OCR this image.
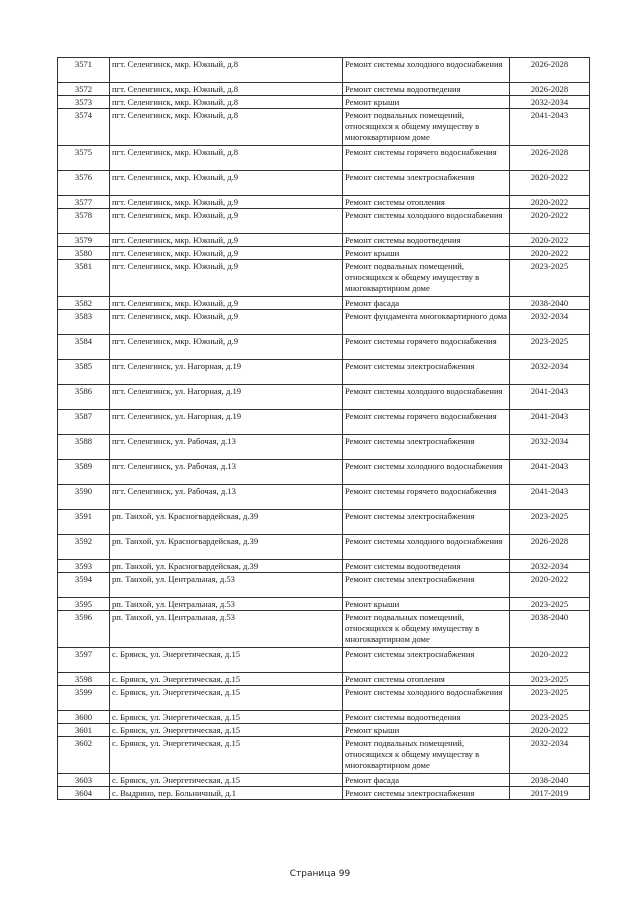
3571	пгт. Селенгинск, мкр. Южный, д.8	Ремонт системы холодного водоснабжения	2026-2028
3572	пгт. Селенгинск, мкр. Южный, д.8	Ремонт системы водоотведения	2026-2028
3573	пгт. Селенгинск, мкр. Южный, д.8	Ремонт крыши	2032-2034
3574	пгт. Селенгинск, мкр. Южный, д.8	Ремонт подвальных помещений, относящихся к общему имуществу в многоквартирном доме	2041-2043
3575	пгт. Селенгинск, мкр. Южный, д.8	Ремонт системы горячего водоснабжения	2026-2028
3576	пгт. Селенгинск, мкр. Южный, д.9	Ремонт системы электроснабжения	2020-2022
3577	пгт. Селенгинск, мкр. Южный, д.9	Ремонт системы отопления	2020-2022
3578	пгт. Селенгинск, мкр. Южный, д.9	Ремонт системы холодного водоснабжения	2020-2022
3579	пгт. Селенгинск, мкр. Южный, д.9	Ремонт системы водоотведения	2020-2022
3580	пгт. Селенгинск, мкр. Южный, д.9	Ремонт крыши	2020-2022
3581	пгт. Селенгинск, мкр. Южный, д.9	Ремонт подвальных помещений, относящихся к общему имуществу в многоквартирном доме	2023-2025
3582	пгт. Селенгинск, мкр. Южный, д.9	Ремонт фасада	2038-2040
3583	пгт. Селенгинск, мкр. Южный, д.9	Ремонт фундамента многоквартирного дома	2032-2034
3584	пгт. Селенгинск, мкр. Южный, д.9	Ремонт системы горячего водоснабжения	2023-2025
3585	пгт. Селенгинск, ул. Нагорная, д.19	Ремонт системы электроснабжения	2032-2034
3586	пгт. Селенгинск, ул. Нагорная, д.19	Ремонт системы холодного водоснабжения	2041-2043
3587	пгт. Селенгинск, ул. Нагорная, д.19	Ремонт системы горячего водоснабжения	2041-2043
3588	пгт. Селенгинск, ул. Рабочая, д.13	Ремонт системы электроснабжения	2032-2034
3589	пгт. Селенгинск, ул. Рабочая, д.13	Ремонт системы холодного водоснабжения	2041-2043
3590	пгт. Селенгинск, ул. Рабочая, д.13	Ремонт системы горячего водоснабжения	2041-2043
3591	рп. Танхой, ул. Красногвардейская, д.39	Ремонт системы электроснабжения	2023-2025
3592	рп. Танхой, ул. Красногвардейская, д.39	Ремонт системы холодного водоснабжения	2026-2028
3593	рп. Танхой, ул. Красногвардейская, д.39	Ремонт системы водоотведения	2032-2034
3594	рп. Танхой, ул. Центральная, д.53	Ремонт системы электроснабжения	2020-2022
3595	рп. Танхой, ул. Центральная, д.53	Ремонт крыши	2023-2025
3596	рп. Танхой, ул. Центральная, д.53	Ремонт подвальных помещений, относящихся к общему имуществу в многоквартирном доме	2038-2040
3597	с. Брянск, ул. Энергетическая, д.15	Ремонт системы электроснабжения	2020-2022
3598	с. Брянск, ул. Энергетическая, д.15	Ремонт системы отопления	2023-2025
3599	с. Брянск, ул. Энергетическая, д.15	Ремонт системы холодного водоснабжения	2023-2025
3600	с. Брянск, ул. Энергетическая, д.15	Ремонт системы водоотведения	2023-2025
3601	с. Брянск, ул. Энергетическая, д.15	Ремонт крыши	2020-2022
3602	с. Брянск, ул. Энергетическая, д.15	Ремонт подвальных помещений, относящихся к общему имуществу в многоквартирном доме	2032-2034
3603	с. Брянск, ул. Энергетическая, д.15	Ремонт фасада	2038-2040
3604	с. Выдрино, пер. Больничный, д.1	Ремонт системы электроснабжения	2017-2019
Страница 99
